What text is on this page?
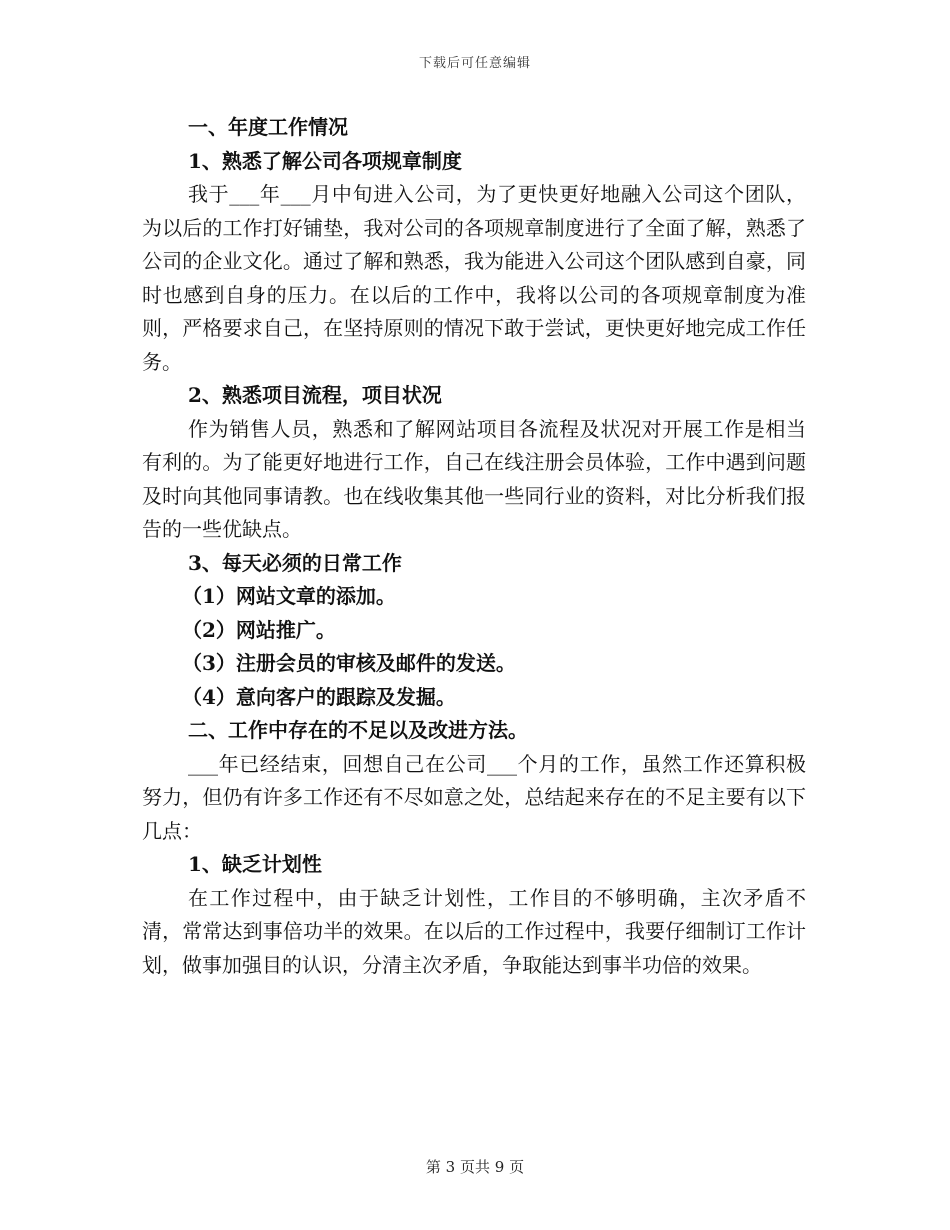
下载后可任意编辑

一、年度工作情况

1、熟悉了解公司各项规章制度

我于___年___月中旬进入公司，为了更快更好地融入公司这个团队，为以后的工作打好铺垫，我对公司的各项规章制度进行了全面了解，熟悉了公司的企业文化。通过了解和熟悉，我为能进入公司这个团队感到自豪，同时也感到自身的压力。在以后的工作中，我将以公司的各项规章制度为准则，严格要求自己，在坚持原则的情况下敢于尝试，更快更好地完成工作任务。

2、熟悉项目流程，项目状况

作为销售人员，熟悉和了解网站项目各流程及状况对开展工作是相当有利的。为了能更好地进行工作，自己在线注册会员体验，工作中遇到问题及时向其他同事请教。也在线收集其他一些同行业的资料，对比分析我们报告的一些优缺点。

3、每天必须的日常工作

（1）网站文章的添加。

（2）网站推广。

（3）注册会员的审核及邮件的发送。

（4）意向客户的跟踪及发掘。

二、工作中存在的不足以及改进方法。

___年已经结束，回想自己在公司___个月的工作，虽然工作还算积极努力，但仍有许多工作还有不尽如意之处，总结起来存在的不足主要有以下几点：

1、缺乏计划性

在工作过程中，由于缺乏计划性，工作目的不够明确，主次矛盾不清，常常达到事倍功半的效果。在以后的工作过程中，我要仔细制订工作计划，做事加强目的认识，分清主次矛盾，争取能达到事半功倍的效果。

第 3 页共 9 页
